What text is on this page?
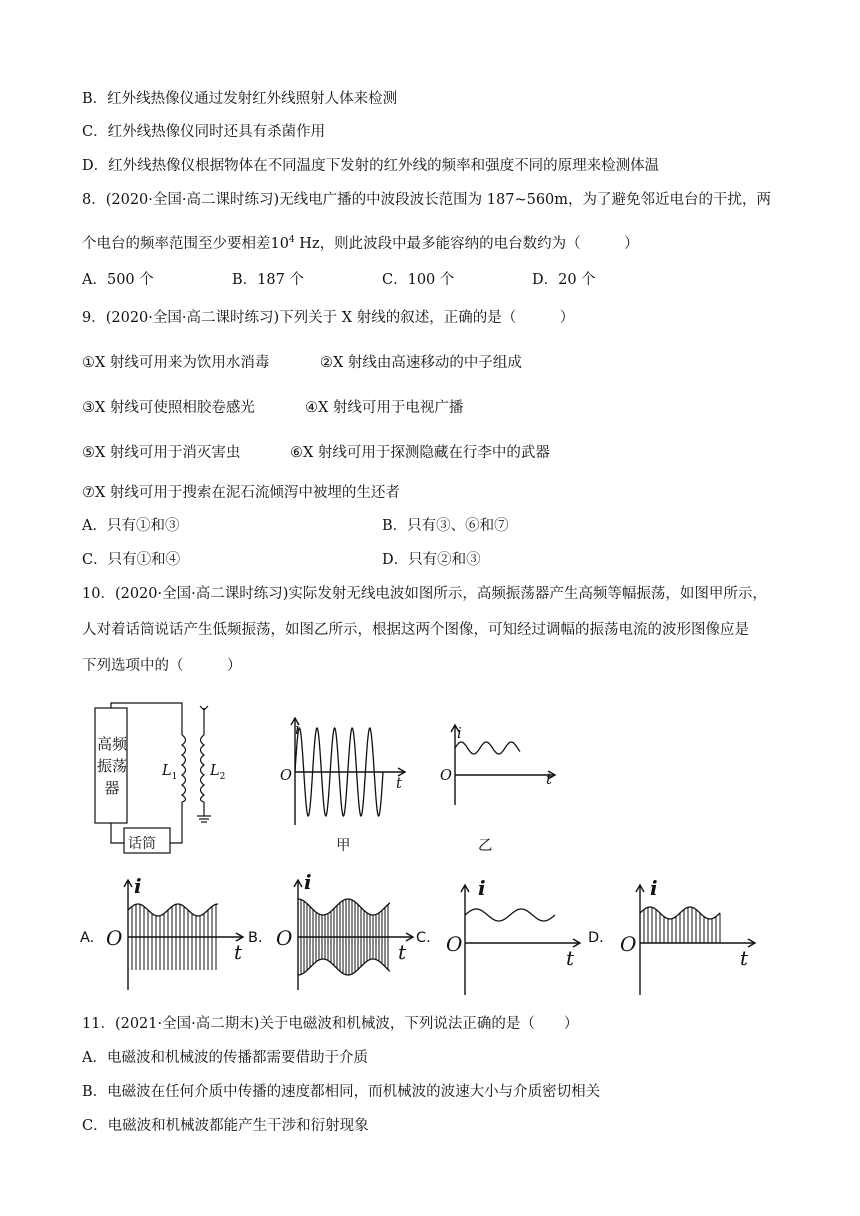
B．红外线热像仪通过发射红外线照射人体来检测
C．红外线热像仪同时还具有杀菌作用
D．红外线热像仪根据物体在不同温度下发射的红外线的频率和强度不同的原理来检测体温
8．(2020·全国·高二课时练习)无线电广播的中波段波长范围为 187~560m，为了避免邻近电台的干扰，两
个电台的频率范围至少要相差$10^4$ Hz，则此波段中最多能容纳的电台数约为（　　　）
A．500 个	B．187 个	C．100 个	D．20 个
9．(2020·全国·高二课时练习)下列关于 X 射线的叙述，正确的是（　　　）
①X 射线可用来为饮用水消毒	②X 射线由高速移动的中子组成
③X 射线可使照相胶卷感光	④X 射线可用于电视广播
⑤X 射线可用于消灭害虫	⑥X 射线可用于探测隐藏在行李中的武器
⑦X 射线可用于搜索在泥石流倾泻中被埋的生还者
A．只有①和③	B．只有③、⑥和⑦
C．只有①和④	D．只有②和③
10．(2020·全国·高二课时练习)实际发射无线电波如图所示，高频振荡器产生高频等幅振荡，如图甲所示，
人对着话筒说话产生低频振荡，如图乙所示，根据这两个图像，可知经过调幅的振荡电流的波形图像应是
下列选项中的（　　　）
高频振荡器
话筒
$L_1$ $L_2$
i
O	t
甲
i
O	t
乙
A.
i
O
t
B.
i
O
t
C.
i
O
t
D.
i
O
t
11．(2021·全国·高二期末)关于电磁波和机械波，下列说法正确的是（　　）
A．电磁波和机械波的传播都需要借助于介质
B．电磁波在任何介质中传播的速度都相同，而机械波的波速大小与介质密切相关
C．电磁波和机械波都能产生干涉和衍射现象
